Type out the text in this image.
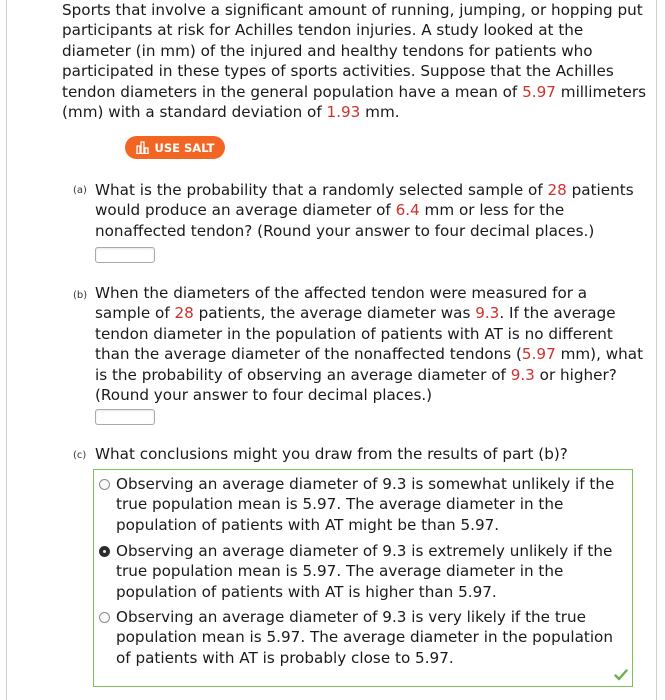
Sports that involve a significant amount of running, jumping, or hopping put participants at risk for Achilles tendon injuries. A study looked at the diameter (in mm) of the injured and healthy tendons for patients who participated in these types of sports activities. Suppose that the Achilles tendon diameters in the general population have a mean of 5.97 millimeters (mm) with a standard deviation of 1.93 mm.
USE SALT
(a) What is the probability that a randomly selected sample of 28 patients would produce an average diameter of 6.4 mm or less for the nonaffected tendon? (Round your answer to four decimal places.)
(b) When the diameters of the affected tendon were measured for a sample of 28 patients, the average diameter was 9.3. If the average tendon diameter in the population of patients with AT is no different than the average diameter of the nonaffected tendons (5.97 mm), what is the probability of observing an average diameter of 9.3 or higher? (Round your answer to four decimal places.)
(c) What conclusions might you draw from the results of part (b)?
Observing an average diameter of 9.3 is somewhat unlikely if the true population mean is 5.97. The average diameter in the population of patients with AT might be than 5.97.
Observing an average diameter of 9.3 is extremely unlikely if the true population mean is 5.97. The average diameter in the population of patients with AT is higher than 5.97.
Observing an average diameter of 9.3 is very likely if the true population mean is 5.97. The average diameter in the population of patients with AT is probably close to 5.97.
